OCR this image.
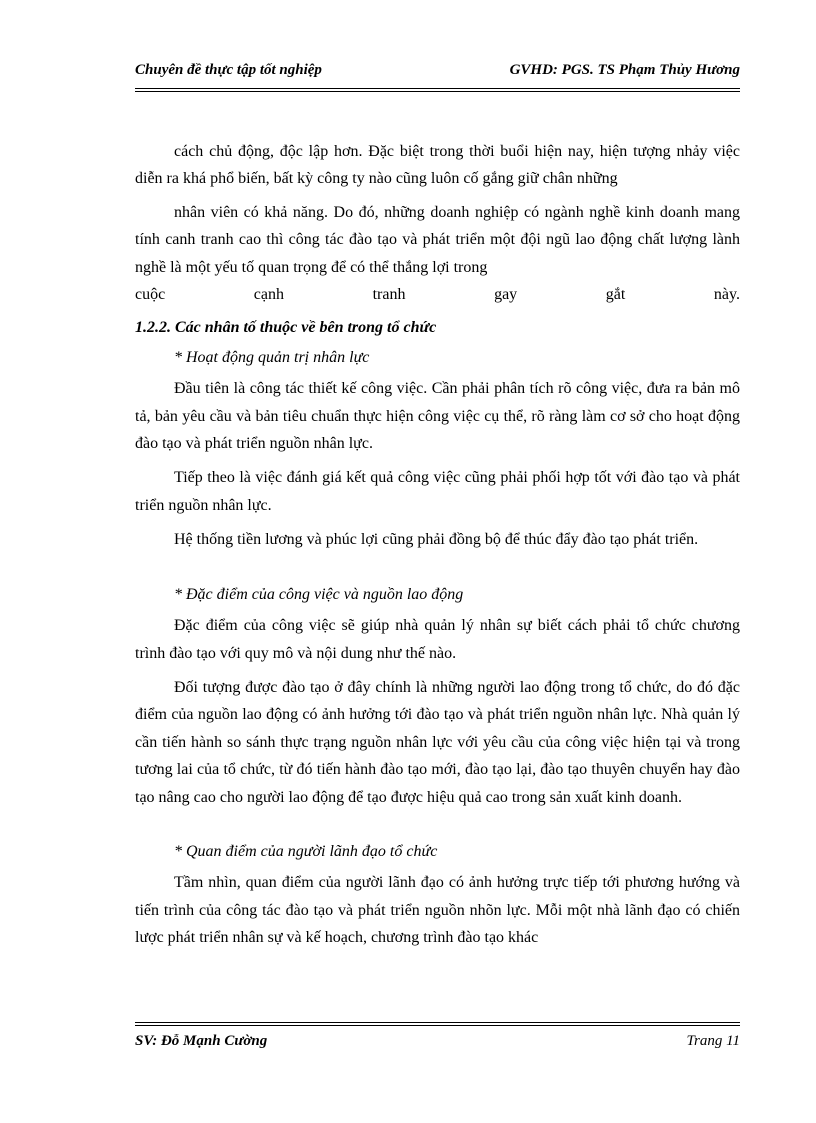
Chuyên đề thực tập tốt nghiệp	GVHD: PGS. TS Phạm Thủy Hương

cách chủ động, độc lập hơn. Đặc biệt trong thời buổi hiện nay, hiện tượng nhảy việc diễn ra khá phổ biến, bất kỳ công ty nào cũng luôn cố gắng giữ chân những

nhân viên có khả năng. Do đó, những doanh nghiệp có ngành nghề kinh doanh mang tính canh tranh cao thì công tác đào tạo và phát triển một đội ngũ lao động chất lượng lành nghề là một yếu tố quan trọng để có thể thắng lợi trong

cuộc cạnh tranh gay gắt này.

1.2.2. Các nhân tố thuộc về bên trong tổ chức

* Hoạt động quản trị nhân lực

Đầu tiên là công tác thiết kế công việc. Cần phải phân tích rõ công việc, đưa ra bản mô tả, bản yêu cầu và bản tiêu chuẩn thực hiện công việc cụ thể, rõ ràng làm cơ sở cho hoạt động đào tạo và phát triển nguồn nhân lực.

Tiếp theo là việc đánh giá kết quả công việc cũng phải phối hợp tốt với đào tạo và phát triển nguồn nhân lực.

Hệ thống tiền lương và phúc lợi cũng phải đồng bộ để thúc đẩy đào tạo phát triển.

* Đặc điểm của công việc và nguồn lao động

Đặc điểm của công việc sẽ giúp nhà quản lý nhân sự biết cách phải tổ chức chương trình đào tạo với quy mô và nội dung như thế nào.

Đối tượng được đào tạo ở đây chính là những người lao động trong tổ chức, do đó đặc điểm của nguồn lao động có ảnh hưởng tới đào tạo và phát triển nguồn nhân lực. Nhà quản lý cần tiến hành so sánh thực trạng nguồn nhân lực với yêu cầu của công việc hiện tại và trong tương lai của tổ chức, từ đó tiến hành đào tạo mới, đào tạo lại, đào tạo thuyên chuyển hay đào tạo nâng cao cho người lao động để tạo được hiệu quả cao trong sản xuất kinh doanh.

* Quan điểm của người lãnh đạo tổ chức

Tầm nhìn, quan điểm của người lãnh đạo có ảnh hưởng trực tiếp tới phương hướng và tiến trình của công tác đào tạo và phát triển nguồn nhõn lực. Mỗi một nhà lãnh đạo có chiến lược phát triển nhân sự và kế hoạch, chương trình đào tạo khác

SV: Đỗ Mạnh Cường	Trang 11
